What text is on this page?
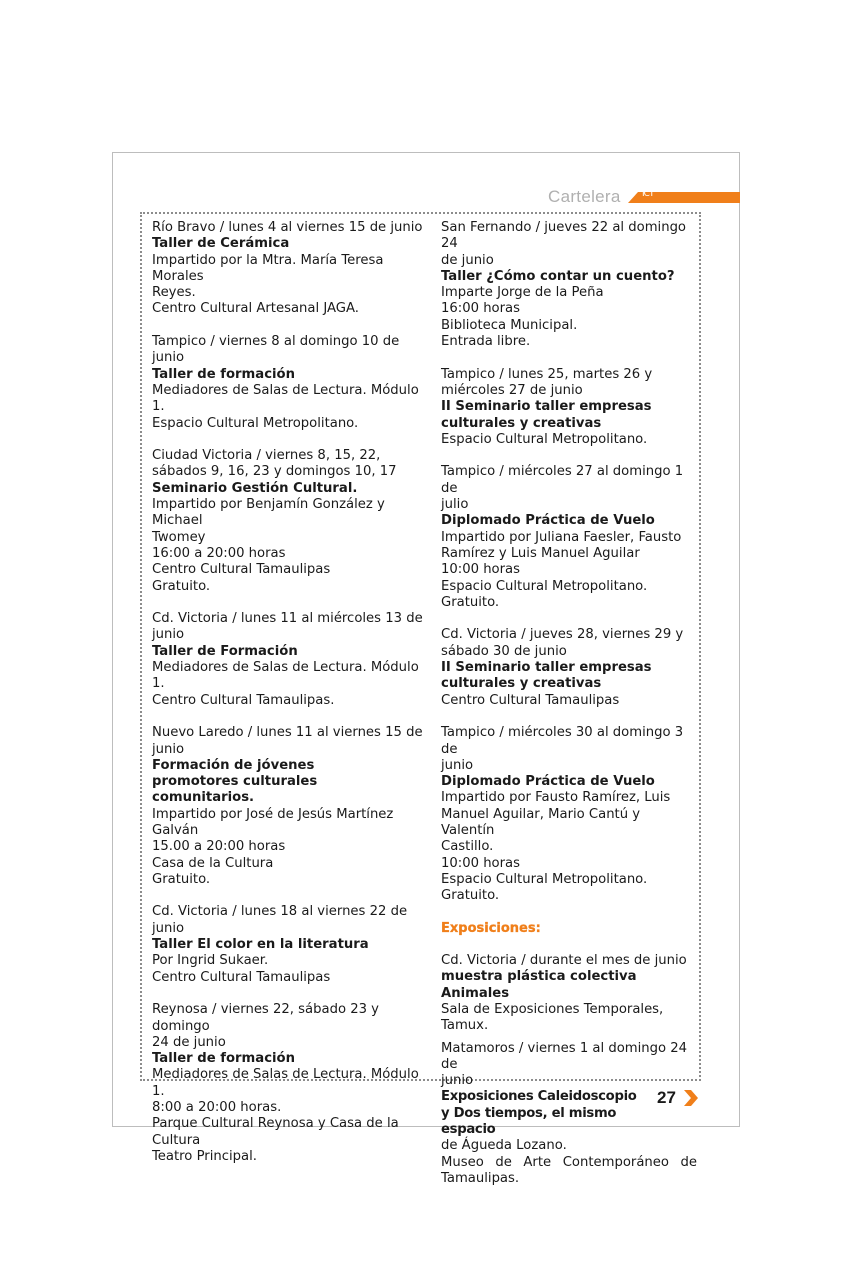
Cartelera ICT
Río Bravo / lunes 4 al viernes 15 de junio
Taller de Cerámica
Impartido por la Mtra. María Teresa Morales
Reyes.
Centro Cultural Artesanal JAGA.
Tampico / viernes 8 al domingo 10 de junio
Taller de formación
Mediadores de Salas de Lectura. Módulo 1.
Espacio Cultural Metropolitano.
Ciudad Victoria / viernes 8, 15, 22,
sábados 9, 16, 23 y domingos 10, 17
Seminario Gestión Cultural.
Impartido por Benjamín González y Michael
Twomey
16:00 a 20:00 horas
Centro Cultural Tamaulipas
Gratuito.
Cd. Victoria / lunes 11 al miércoles 13 de
junio
Taller de Formación
Mediadores de Salas de Lectura. Módulo 1.
Centro Cultural Tamaulipas.
Nuevo Laredo / lunes 11 al viernes 15 de
junio
Formación de jóvenes promotores culturales comunitarios.
Impartido por José de Jesús Martínez
Galván
15.00 a 20:00 horas
Casa de la Cultura
Gratuito.
Cd. Victoria / lunes 18 al viernes 22 de junio
Taller El color en la literatura
Por Ingrid Sukaer.
Centro Cultural Tamaulipas
Reynosa / viernes 22, sábado 23 y domingo
24 de junio
Taller de formación
Mediadores de Salas de Lectura. Módulo 1.
8:00 a 20:00 horas.
Parque Cultural Reynosa y Casa de la
Cultura
Teatro Principal.
San Fernando / jueves 22 al domingo 24
de junio
Taller ¿Cómo contar un cuento?
Imparte Jorge de la Peña
16:00 horas
Biblioteca Municipal.
Entrada libre.
Tampico / lunes 25, martes 26 y
miércoles 27 de junio
II Seminario taller empresas culturales y creativas
Espacio Cultural Metropolitano.
Tampico / miércoles 27 al domingo 1 de
julio
Diplomado Práctica de Vuelo
Impartido por Juliana Faesler, Fausto
Ramírez y Luis Manuel Aguilar
10:00 horas
Espacio Cultural Metropolitano.
Gratuito.
Cd. Victoria / jueves 28, viernes 29 y
sábado 30 de junio
II Seminario taller empresas culturales y creativas
Centro Cultural Tamaulipas
Tampico / miércoles 30 al domingo 3 de
junio
Diplomado Práctica de Vuelo
Impartido por Fausto Ramírez, Luis
Manuel Aguilar, Mario Cantú y Valentín
Castillo.
10:00 horas
Espacio Cultural Metropolitano.
Gratuito.
Exposiciones:
Cd. Victoria / durante el mes de junio
muestra plástica colectiva Animales
Sala de Exposiciones Temporales,
Tamux.
Matamoros / viernes 1 al domingo 24 de
junio
Exposiciones Caleidoscopio y Dos tiempos, el mismo espacio
de Águeda Lozano.
Museo de Arte Contemporáneo de
Tamaulipas.
27
